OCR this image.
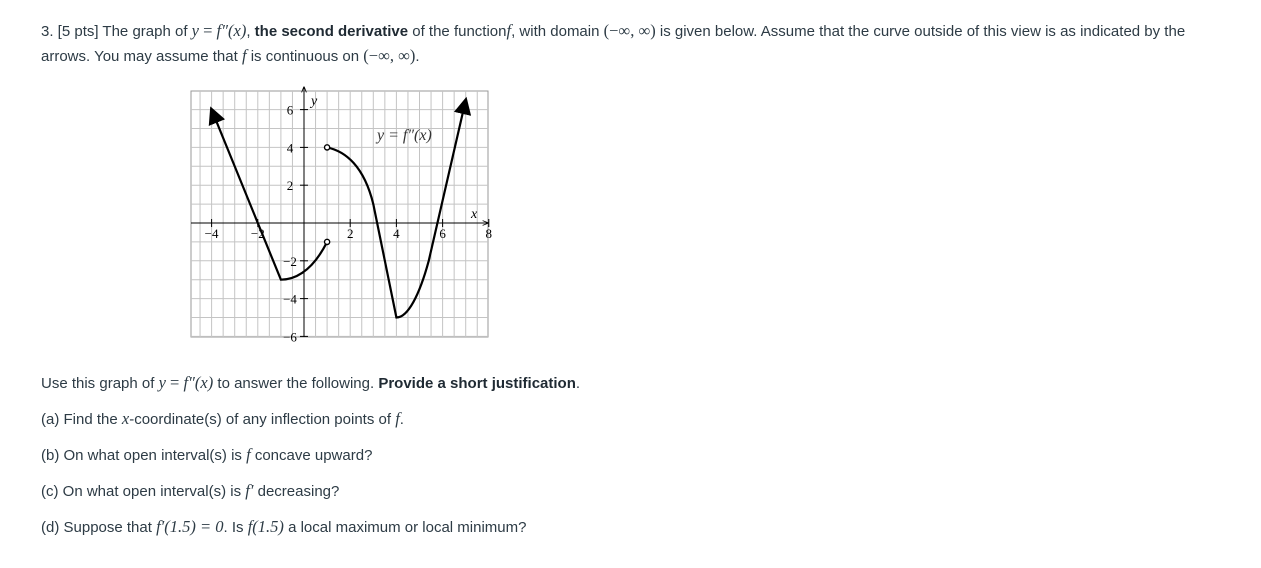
3. [5 pts] The graph of y = f″(x), the second derivative of the functionf, with domain (−∞, ∞) is given below. Assume that the curve outside of this view is as indicated by the arrows. You may assume that f is continuous on (−∞, ∞).

−4 −2	2	4	6	8
6
4
2
−2
−4
−6
y
x
y = f″(x)

Use this graph of y = f″(x) to answer the following. Provide a short justification.

(a) Find the x-coordinate(s) of any inflection points of f.

(b) On what open interval(s) is f concave upward?

(c) On what open interval(s) is f′ decreasing?

(d) Suppose that f′(1.5) = 0. Is f(1.5) a local maximum or local minimum?
